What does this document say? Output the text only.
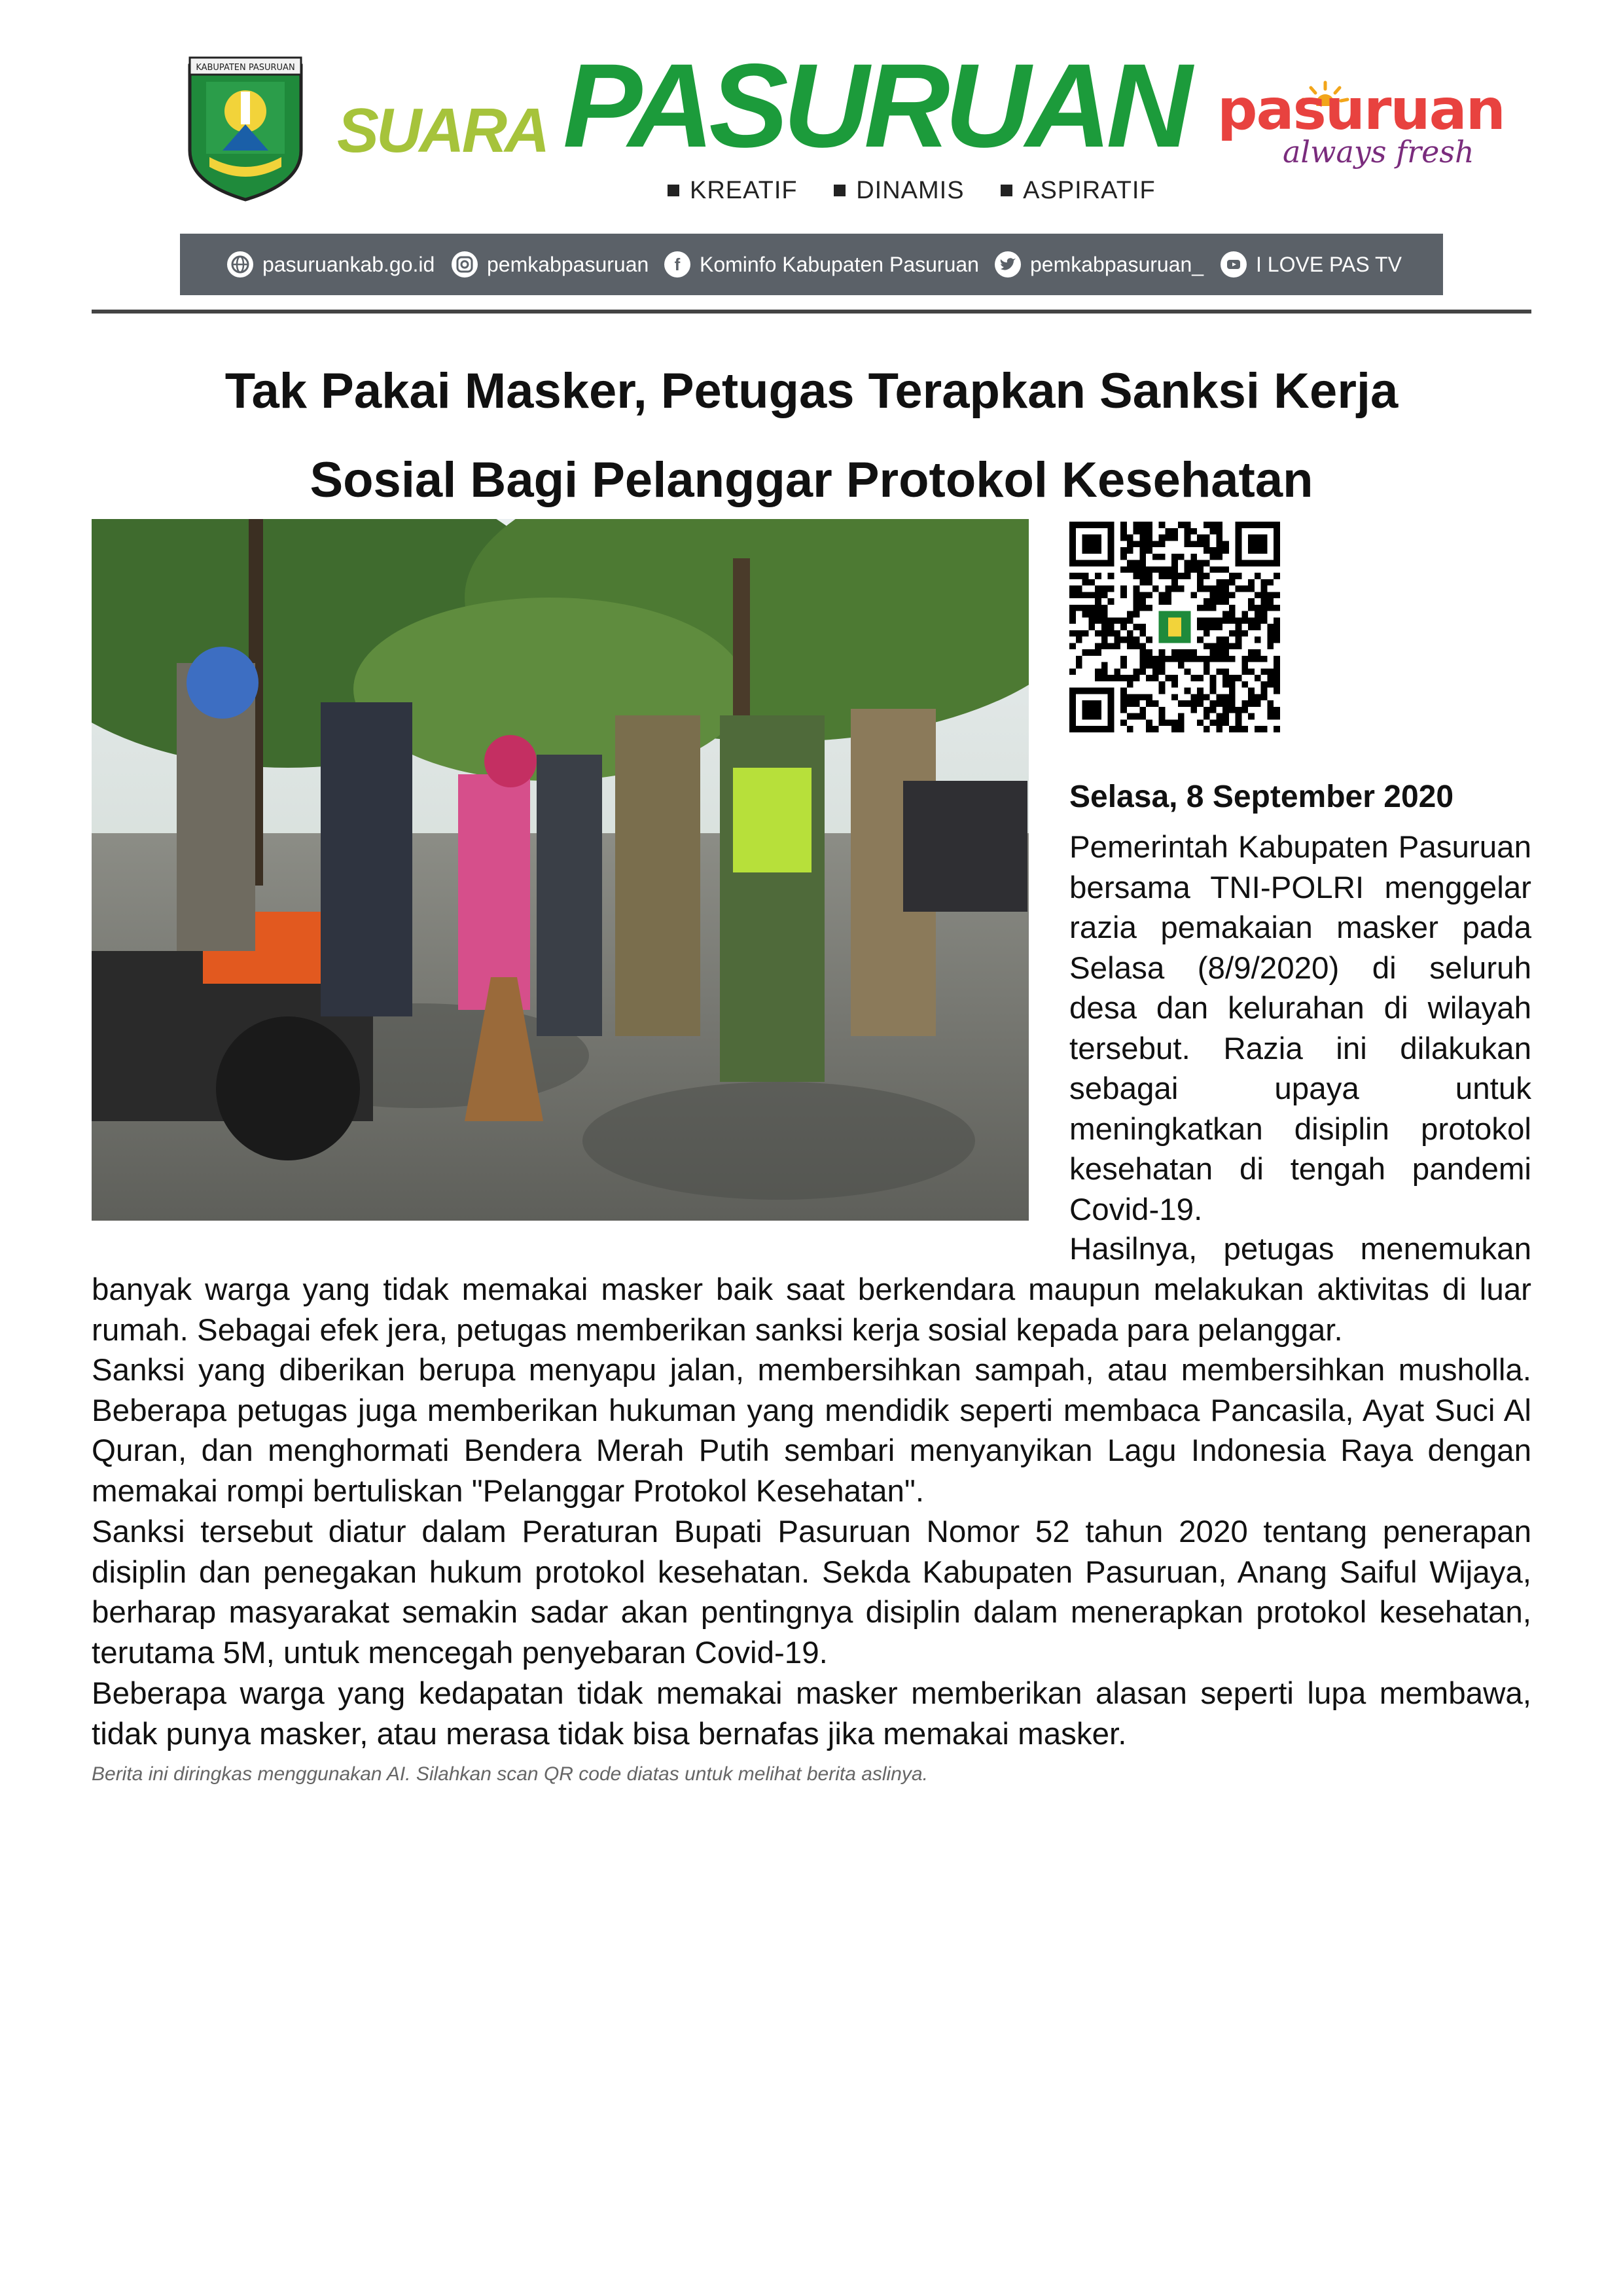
KABUPATEN PASURUAN
SUARA PASURUAN
KREATIF DINAMIS ASPIRATIF
pasuruan
always fresh
pasuruankab.go.id pemkabpasuruan f Kominfo Kabupaten Pasuruan pemkabpasuruan_ I LOVE PAS TV
Tak Pakai Masker, Petugas Terapkan Sanksi Kerja
Sosial Bagi Pelanggar Protokol Kesehatan
Selasa, 8 September 2020
Pemerintah Kabupaten Pasuruan bersama TNI-POLRI menggelar razia pemakaian masker pada Selasa (8/9/2020) di seluruh desa dan kelurahan di wilayah tersebut. Razia ini dilakukan sebagai upaya untuk meningkatkan disiplin protokol kesehatan di tengah pandemi Covid-19.
Hasilnya, petugas menemukan
banyak warga yang tidak memakai masker baik saat berkendara maupun melakukan aktivitas di luar rumah. Sebagai efek jera, petugas memberikan sanksi kerja sosial kepada para pelanggar.
Sanksi yang diberikan berupa menyapu jalan, membersihkan sampah, atau membersihkan musholla. Beberapa petugas juga memberikan hukuman yang mendidik seperti membaca Pancasila, Ayat Suci Al Quran, dan menghormati Bendera Merah Putih sembari menyanyikan Lagu Indonesia Raya dengan memakai rompi bertuliskan "Pelanggar Protokol Kesehatan".
Sanksi tersebut diatur dalam Peraturan Bupati Pasuruan Nomor 52 tahun 2020 tentang penerapan disiplin dan penegakan hukum protokol kesehatan. Sekda Kabupaten Pasuruan, Anang Saiful Wijaya, berharap masyarakat semakin sadar akan pentingnya disiplin dalam menerapkan protokol kesehatan, terutama 5M, untuk mencegah penyebaran Covid-19.
Beberapa warga yang kedapatan tidak memakai masker memberikan alasan seperti lupa membawa, tidak punya masker, atau merasa tidak bisa bernafas jika memakai masker.
Berita ini diringkas menggunakan AI. Silahkan scan QR code diatas untuk melihat berita aslinya.
